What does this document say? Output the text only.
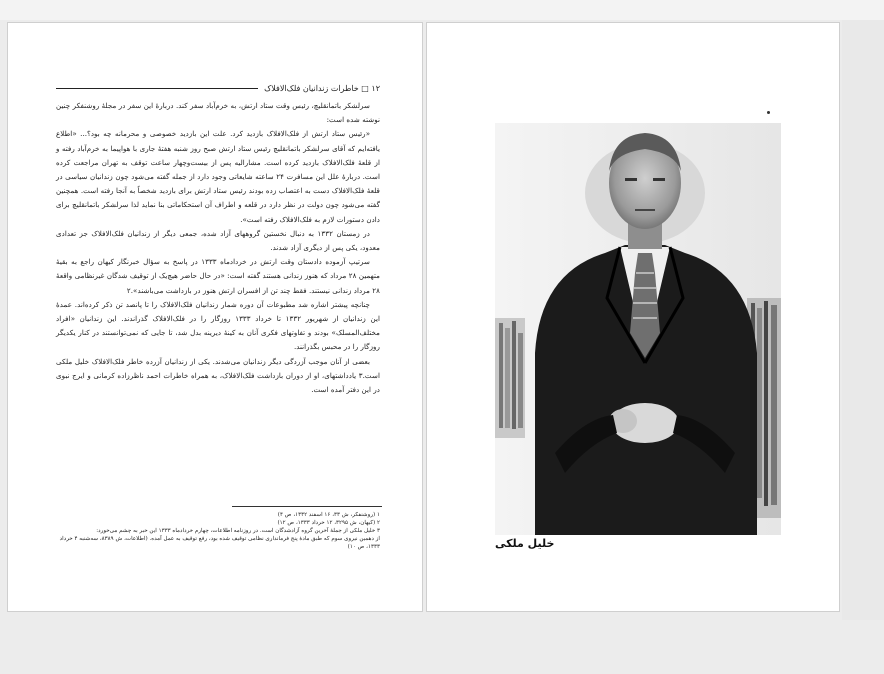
۱۲ □ خاطرات زندانیان فلک‌الافلاک

سرلشکر باتمانقلیچ، رئیس وقت ستاد ارتش، به خرم‌آباد سفر کند. دربارهٔ این سفر در مجلهٔ روشنفکر چنین نوشته شده است:

«رئیس ستاد ارتش از فلک‌الافلاک بازدید کرد. علت این بازدید خصوصی و محرمانه چه بود؟... «اطلاع یافته‌ایم که آقای سرلشکر باتمانقلیچ رئیس ستاد ارتش صبح روز شنبه هفتهٔ جاری با هواپیما به خرم‌آباد رفته و از قلعهٔ فلک‌الافلاک بازدید کرده است. مشارالیه پس از بیست‌وچهار ساعت توقف به تهران مراجعت کرده است. دربارهٔ علل این مسافرت ۲۴ ساعته شایعاتی وجود دارد از جمله گفته می‌شود چون زندانیان سیاسی در قلعهٔ فلک‌الافلاک دست به اعتصاب زده بودند رئیس ستاد ارتش برای بازدید شخصاً به آنجا رفته است. همچنین گفته می‌شود چون دولت در نظر دارد در قلعه و اطراف آن استحکاماتی بنا نماید لذا سرلشکر باتمانقلیچ برای دادن دستورات لازم به فلک‌الافلاک رفته است».

در زمستان ۱۳۳۲ به دنبال نخستین گروههای آزاد شده، جمعی دیگر از زندانیان فلک‌الافلاک جز تعدادی معدود، یکی پس از دیگری آزاد شدند.

سرتیپ آزموده دادستان وقت ارتش در خردادماه ۱۳۳۳ در پاسخ به سؤال خبرنگار کیهان راجع به بقیهٔ متهمین ۲۸ مرداد که هنوز زندانی هستند گفته است: «در حال حاضر هیچ‌یک از توقیف شدگان غیرنظامی واقعهٔ ۲۸ مرداد زندانی نیستند. فقط چند تن از افسران ارتش هنوز در بازداشت می‌باشند».۲

چنانچه پیشتر اشاره شد مطبوعات آن دوره شمار زندانیان فلک‌الافلاک را تا پانصد تن ذکر کرده‌اند. عمدهٔ این زندانیان از شهریور ۱۳۳۲ تا خرداد ۱۳۳۳ روزگار را در فلک‌الافلاک گذراندند. این زندانیان «افراد مختلف‌المسلک» بودند و تفاوتهای فکری آنان به کینهٔ دیرینه بدل شد، تا جایی که نمی‌توانستند در کنار یکدیگر روزگار را در محبس بگذرانند.

بعضی از آنان موجب آزردگی دیگر زندانیان می‌شدند. یکی از زندانیان آزرده خاطر فلک‌الافلاک خلیل ملکی است.۳ یادداشتهای، او از دوران بازداشت فلک‌الافلاک، به همراه خاطرات احمد ناظرزاده کرمانی و ایرج نبوی در این دفتر آمده است.

۱ (روشنفکر، ش ۳۳، ۱۶ اسفند ۱۳۳۲، ص ۴)
۲ (کیهان، ش ۳۲۹۵، ۱۲ خرداد ۱۳۳۳، ص ۱۲)
۳ خلیل ملکی از جملهٔ آخرین گروه آزادشدگان است. در روزنامه اطلاعات، چهارم خردادماه ۱۳۳۳ این خبر به چشم می‌خورد:
از دهمین نیروی سوم که طبق مادهٔ پنج فرمانداری نظامی توقیف شده بود، رفع توقیف به عمل آمده. (اطلاعات، ش ۸۳۸۹، سه‌شنبه ۴ خرداد ۱۳۳۳، ص ۱۰)	خلیل ملکی
